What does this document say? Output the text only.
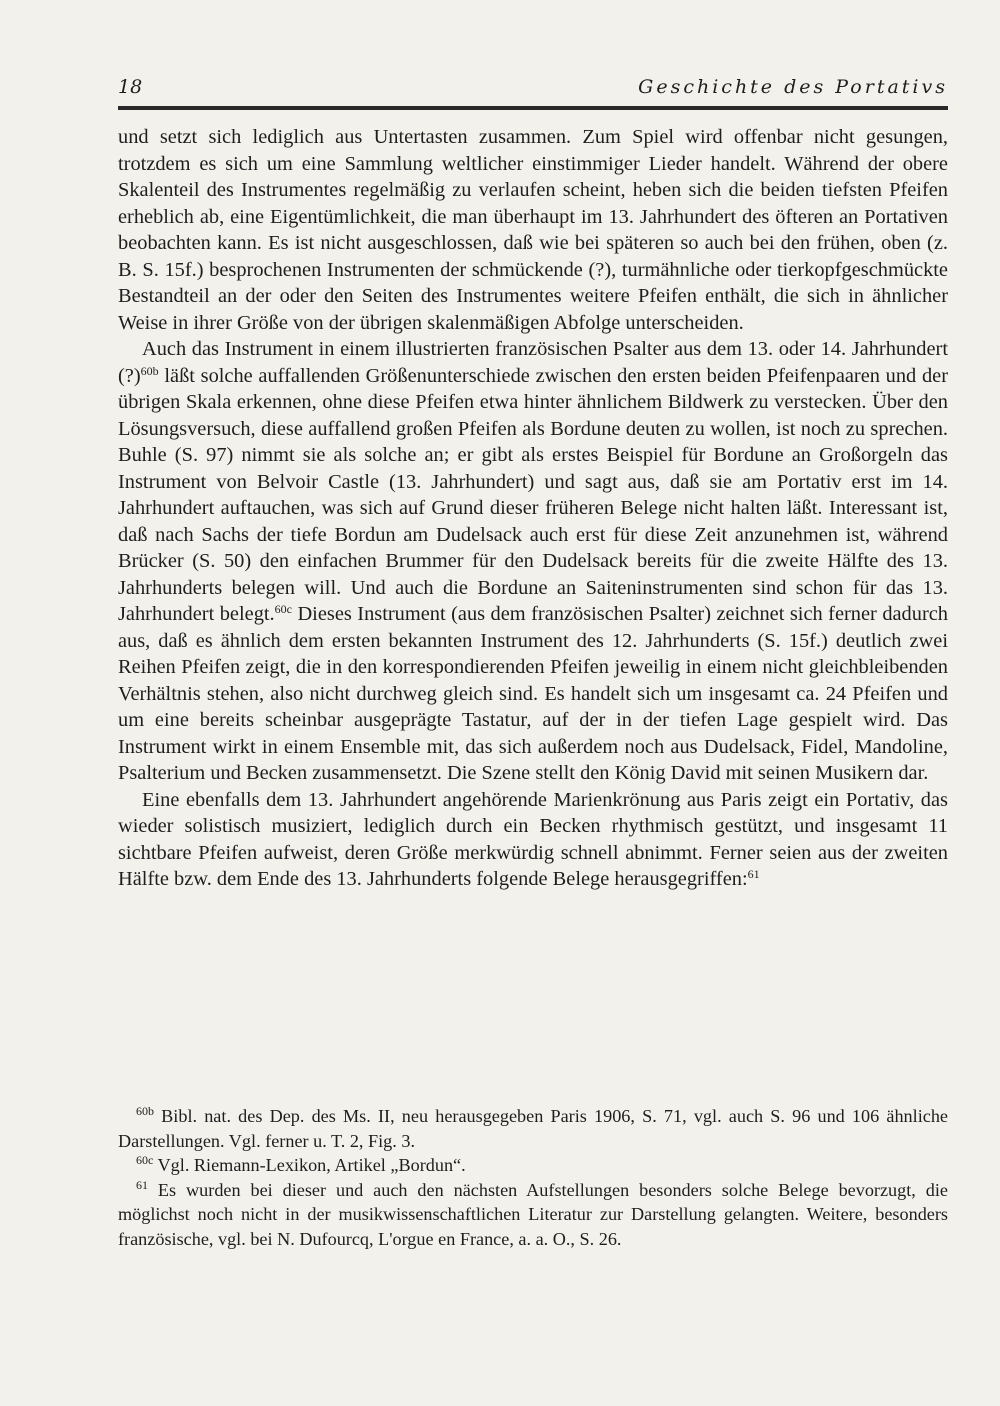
18	Geschichte des Portativs

und setzt sich lediglich aus Untertasten zusammen. Zum Spiel wird offenbar nicht gesungen, trotzdem es sich um eine Sammlung weltlicher einstimmiger Lieder handelt. Während der obere Skalenteil des Instrumentes regelmäßig zu verlaufen scheint, heben sich die beiden tiefsten Pfeifen erheblich ab, eine Eigentümlichkeit, die man überhaupt im 13. Jahrhundert des öfteren an Portativen beobachten kann. Es ist nicht ausgeschlossen, daß wie bei späteren so auch bei den frühen, oben (z. B. S. 15f.) besprochenen Instrumenten der schmückende (?), turmähnliche oder tierkopfgeschmückte Bestandteil an der oder den Seiten des Instrumentes weitere Pfeifen enthält, die sich in ähnlicher Weise in ihrer Größe von der übrigen skalenmäßigen Abfolge unterscheiden.

Auch das Instrument in einem illustrierten französischen Psalter aus dem 13. oder 14. Jahrhundert (?)$^{60b}$ läßt solche auffallenden Größenunterschiede zwischen den ersten beiden Pfeifenpaaren und der übrigen Skala erkennen, ohne diese Pfeifen etwa hinter ähnlichem Bildwerk zu verstecken. Über den Lösungsversuch, diese auffallend großen Pfeifen als Bordune deuten zu wollen, ist noch zu sprechen. Buhle (S. 97) nimmt sie als solche an; er gibt als erstes Beispiel für Bordune an Großorgeln das Instrument von Belvoir Castle (13. Jahrhundert) und sagt aus, daß sie am Portativ erst im 14. Jahrhundert auftauchen, was sich auf Grund dieser früheren Belege nicht halten läßt. Interessant ist, daß nach Sachs der tiefe Bordun am Dudelsack auch erst für diese Zeit anzunehmen ist, während Brücker (S. 50) den einfachen Brummer für den Dudelsack bereits für die zweite Hälfte des 13. Jahrhunderts belegen will. Und auch die Bordune an Saiteninstrumenten sind schon für das 13. Jahrhundert belegt.$^{60c}$ Dieses Instrument (aus dem französischen Psalter) zeichnet sich ferner dadurch aus, daß es ähnlich dem ersten bekannten Instrument des 12. Jahrhunderts (S. 15f.) deutlich zwei Reihen Pfeifen zeigt, die in den korrespondierenden Pfeifen jeweilig in einem nicht gleichbleibenden Verhältnis stehen, also nicht durchweg gleich sind. Es handelt sich um insgesamt ca. 24 Pfeifen und um eine bereits scheinbar ausgeprägte Tastatur, auf der in der tiefen Lage gespielt wird. Das Instrument wirkt in einem Ensemble mit, das sich außerdem noch aus Dudelsack, Fidel, Mandoline, Psalterium und Becken zusammensetzt. Die Szene stellt den König David mit seinen Musikern dar.

Eine ebenfalls dem 13. Jahrhundert angehörende Marienkrönung aus Paris zeigt ein Portativ, das wieder solistisch musiziert, lediglich durch ein Becken rhythmisch gestützt, und insgesamt 11 sichtbare Pfeifen aufweist, deren Größe merkwürdig schnell abnimmt. Ferner seien aus der zweiten Hälfte bzw. dem Ende des 13. Jahrhunderts folgende Belege herausgegriffen:$^{61}$

$^{60b}$ Bibl. nat. des Dep. des Ms. II, neu herausgegeben Paris 1906, S. 71, vgl. auch S. 96 und 106 ähnliche Darstellungen. Vgl. ferner u. T. 2, Fig. 3.

$^{60c}$ Vgl. Riemann-Lexikon, Artikel „Bordun“.

$^{61}$ Es wurden bei dieser und auch den nächsten Aufstellungen besonders solche Belege bevorzugt, die möglichst noch nicht in der musikwissenschaftlichen Literatur zur Darstellung gelangten. Weitere, besonders französische, vgl. bei N. Dufourcq, L'orgue en France, a. a. O., S. 26.
